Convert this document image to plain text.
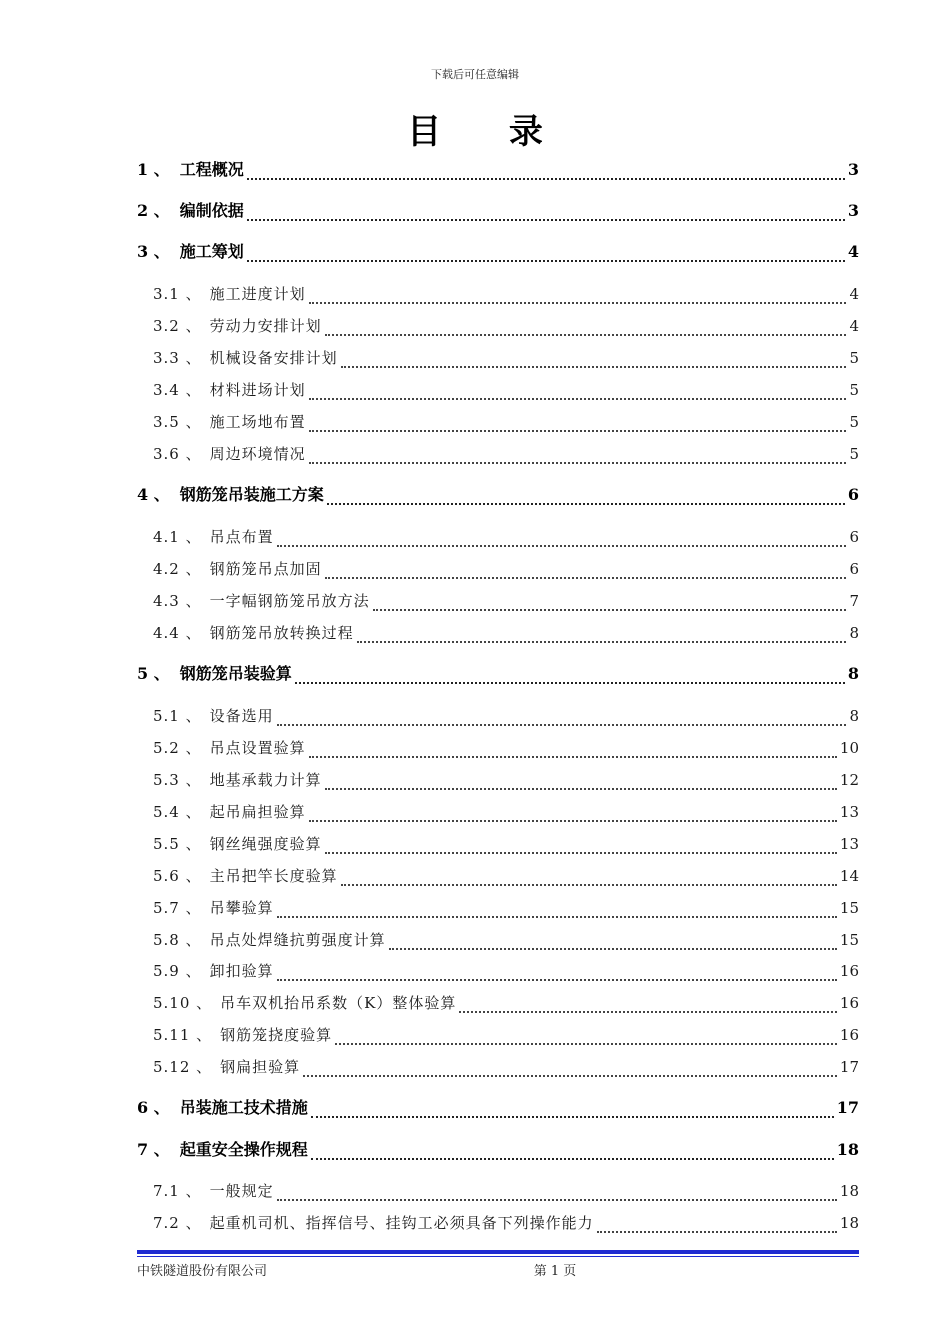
下载后可任意编辑
目 录
1 、 工程概况	3
2 、 编制依据	3
3 、 施工筹划	4
3.1 、 施工进度计划	4
3.2 、 劳动力安排计划	4
3.3 、 机械设备安排计划	5
3.4 、 材料进场计划	5
3.5 、 施工场地布置	5
3.6 、 周边环境情况	5
4 、 钢筋笼吊装施工方案	6
4.1 、 吊点布置	6
4.2 、 钢筋笼吊点加固	6
4.3 、 一字幅钢筋笼吊放方法	7
4.4 、 钢筋笼吊放转换过程	8
5 、 钢筋笼吊装验算	8
5.1 、 设备选用	8
5.2 、 吊点设置验算	10
5.3 、 地基承载力计算	12
5.4 、 起吊扁担验算	13
5.5 、 钢丝绳强度验算	13
5.6 、 主吊把竿长度验算	14
5.7 、 吊攀验算	15
5.8 、 吊点处焊缝抗剪强度计算	15
5.9 、 卸扣验算	16
5.10 、 吊车双机抬吊系数（K）整体验算	16
5.11 、 钢筋笼挠度验算	16
5.12 、 钢扁担验算	17
6 、 吊装施工技术措施	17
7 、 起重安全操作规程	18
7.1 、 一般规定	18
7.2 、 起重机司机、指挥信号、挂钩工必须具备下列操作能力	18
中铁隧道股份有限公司	第 1 页
